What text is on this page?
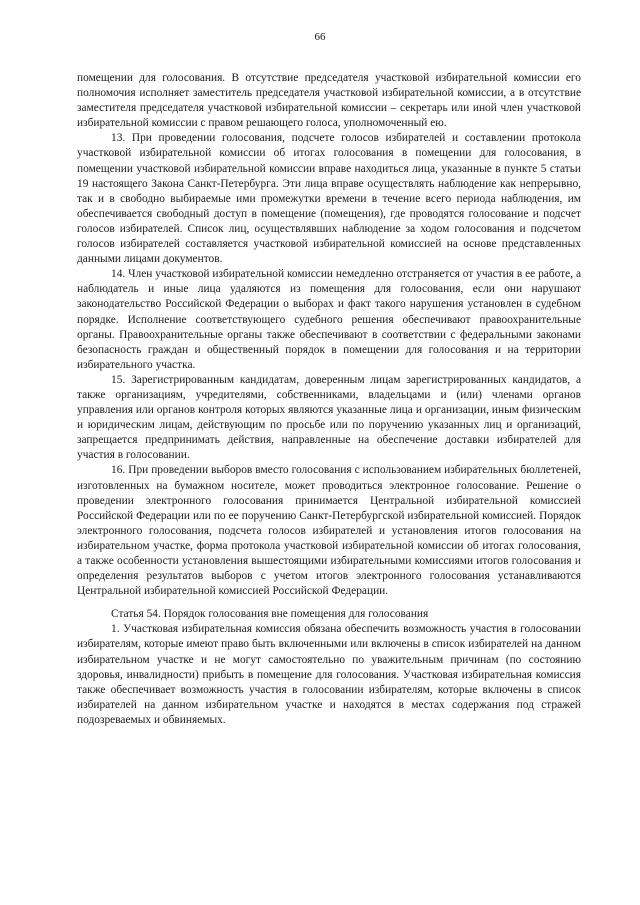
66

помещении для голосования. В отсутствие председателя участковой избирательной комиссии его полномочия исполняет заместитель председателя участковой избирательной комиссии, а в отсутствие заместителя председателя участковой избирательной комиссии – секретарь или иной член участковой избирательной комиссии с правом решающего голоса, уполномоченный ею.

13. При проведении голосования, подсчете голосов избирателей и составлении протокола участковой избирательной комиссии об итогах голосования в помещении для голосования, в помещении участковой избирательной комиссии вправе находиться лица, указанные в пункте 5 статьи 19 настоящего Закона Санкт-Петербурга. Эти лица вправе осуществлять наблюдение как непрерывно, так и в свободно выбираемые ими промежутки времени в течение всего периода наблюдения, им обеспечивается свободный доступ в помещение (помещения), где проводятся голосование и подсчет голосов избирателей. Список лиц, осуществлявших наблюдение за ходом голосования и подсчетом голосов избирателей составляется участковой избирательной комиссией на основе представленных данными лицами документов.

14. Член участковой избирательной комиссии немедленно отстраняется от участия в ее работе, а наблюдатель и иные лица удаляются из помещения для голосования, если они нарушают законодательство Российской Федерации о выборах и факт такого нарушения установлен в судебном порядке. Исполнение соответствующего судебного решения обеспечивают правоохранительные органы. Правоохранительные органы также обеспечивают в соответствии с федеральными законами безопасность граждан и общественный порядок в помещении для голосования и на территории избирательного участка.

15. Зарегистрированным кандидатам, доверенным лицам зарегистрированных кандидатов, а также организациям, учредителями, собственниками, владельцами и (или) членами органов управления или органов контроля которых являются указанные лица и организации, иным физическим и юридическим лицам, действующим по просьбе или по поручению указанных лиц и организаций, запрещается предпринимать действия, направленные на обеспечение доставки избирателей для участия в голосовании.

16. При проведении выборов вместо голосования с использованием избирательных бюллетеней, изготовленных на бумажном носителе, может проводиться электронное голосование. Решение о проведении электронного голосования принимается Центральной избирательной комиссией Российской Федерации или по ее поручению Санкт-Петербургской избирательной комиссией. Порядок электронного голосования, подсчета голосов избирателей и установления итогов голосования на избирательном участке, форма протокола участковой избирательной комиссии об итогах голосования, а также особенности установления вышестоящими избирательными комиссиями итогов голосования и определения результатов выборов с учетом итогов электронного голосования устанавливаются Центральной избирательной комиссией Российской Федерации.

Статья 54. Порядок голосования вне помещения для голосования

1. Участковая избирательная комиссия обязана обеспечить возможность участия в голосовании избирателям, которые имеют право быть включенными или включены в список избирателей на данном избирательном участке и не могут самостоятельно по уважительным причинам (по состоянию здоровья, инвалидности) прибыть в помещение для голосования. Участковая избирательная комиссия также обеспечивает возможность участия в голосовании избирателям, которые включены в список избирателей на данном избирательном участке и находятся в местах содержания под стражей подозреваемых и обвиняемых.
